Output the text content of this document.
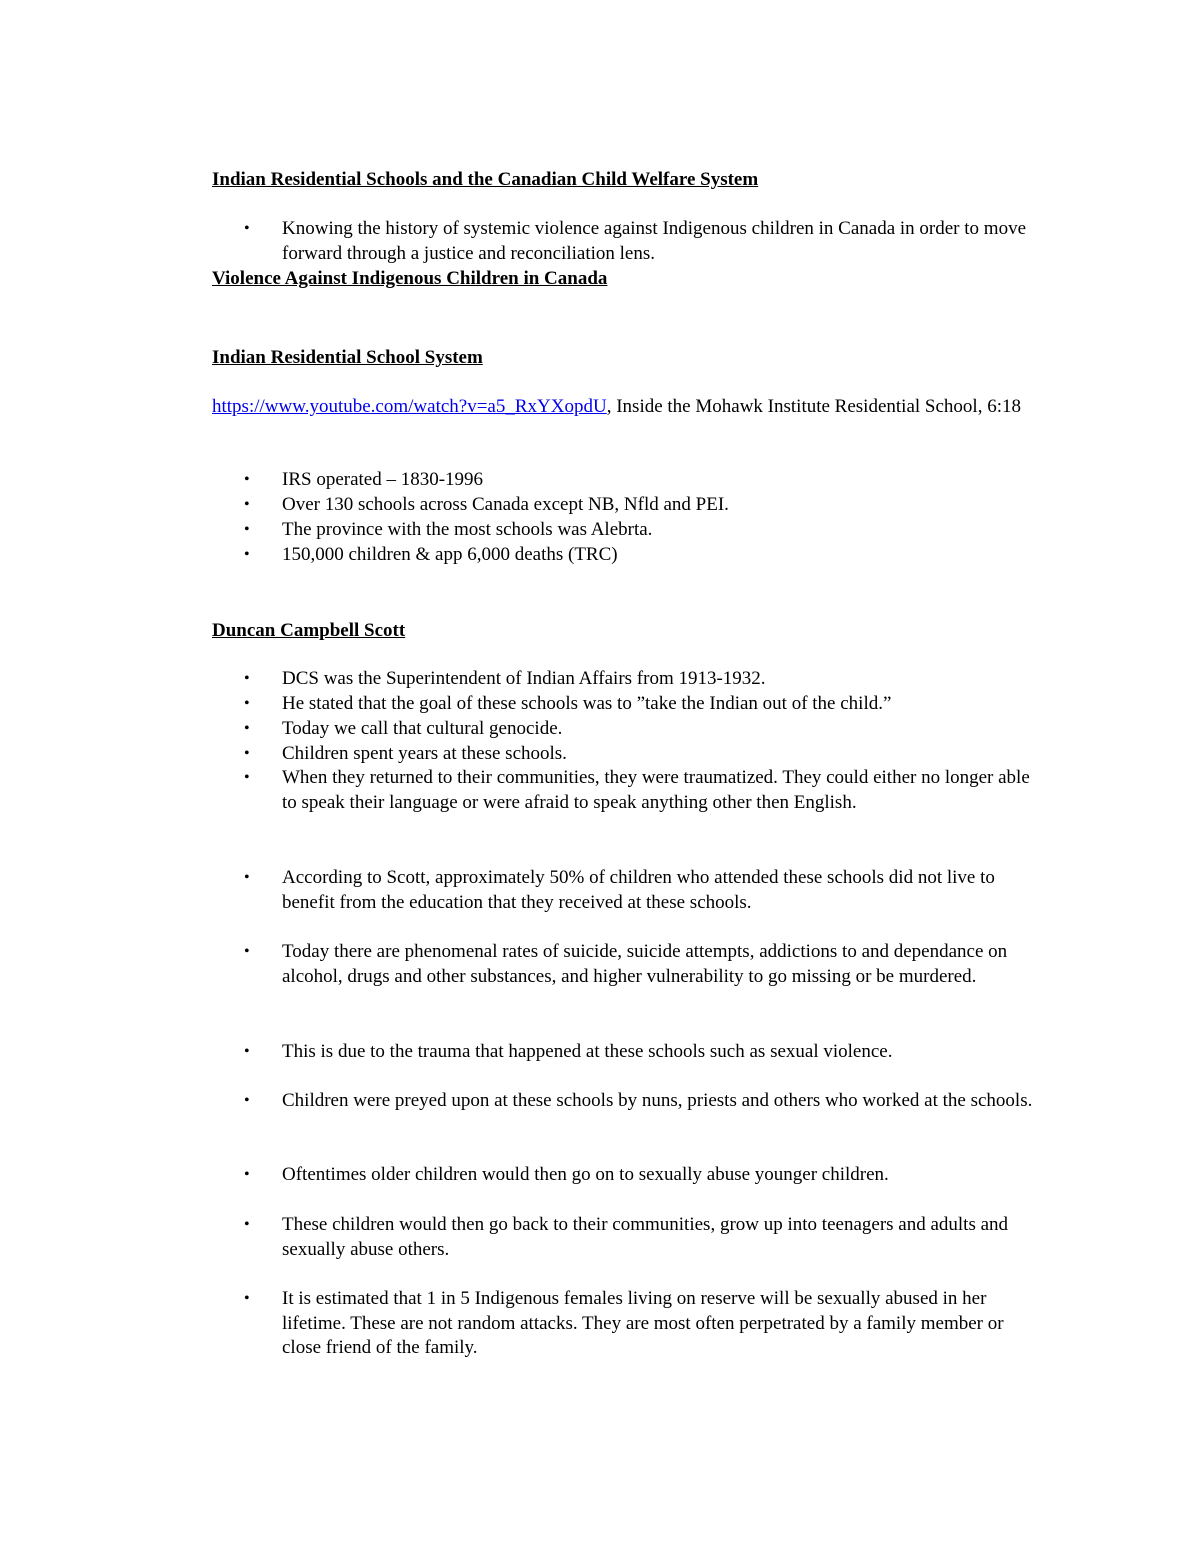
Indian Residential Schools and the Canadian Child Welfare System
• Knowing the history of systemic violence against Indigenous children in Canada in order to move forward through a justice and reconciliation lens.
Violence Against Indigenous Children in Canada
Indian Residential School System

https://www.youtube.com/watch?v=a5_RxYXopdU, Inside the Mohawk Institute Residential School, 6:18

• IRS operated – 1830-1996
• Over 130 schools across Canada except NB, Nfld and PEI.
• The province with the most schools was Alebrta.
• 150,000 children & app 6,000 deaths (TRC)
Duncan Campbell Scott
• DCS was the Superintendent of Indian Affairs from 1913-1932.
• He stated that the goal of these schools was to ”take the Indian out of the child.”
• Today we call that cultural genocide.
• Children spent years at these schools.
• When they returned to their communities, they were traumatized. They could either no longer able to speak their language or were afraid to speak anything other then English.
• According to Scott, approximately 50% of children who attended these schools did not live to benefit from the education that they received at these schools.
• Today there are phenomenal rates of suicide, suicide attempts, addictions to and dependance on alcohol, drugs and other substances, and higher vulnerability to go missing or be murdered.
• This is due to the trauma that happened at these schools such as sexual violence.
• Children were preyed upon at these schools by nuns, priests and others who worked at the schools.
• Oftentimes older children would then go on to sexually abuse younger children.
• These children would then go back to their communities, grow up into teenagers and adults and sexually abuse others.
• It is estimated that 1 in 5 Indigenous females living on reserve will be sexually abused in her lifetime. These are not random attacks. They are most often perpetrated by a family member or close friend of the family.
